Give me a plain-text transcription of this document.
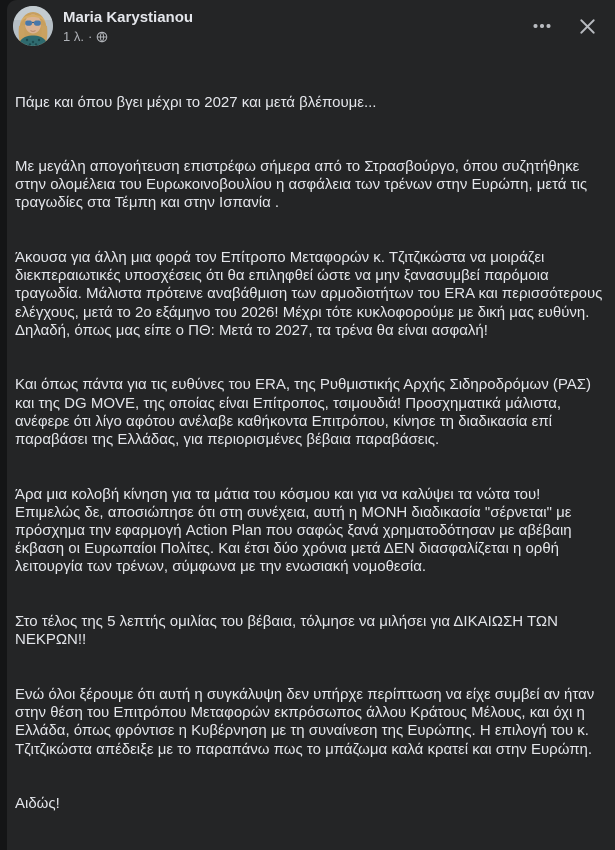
Maria Karystianou
1 λ. ·

Πάμε και όπου βγει μέχρι το 2027 και μετά βλέπουμε...

Με μεγάλη απογοήτευση επιστρέφω σήμερα από το Στρασβούργο, όπου συζητήθηκε στην ολομέλεια του Ευρωκοινοβουλίου η ασφάλεια των τρένων στην Ευρώπη, μετά τις τραγωδίες στα Τέμπη και στην Ισπανία .

Άκουσα για άλλη μια φορά τον Επίτροπο Μεταφορών κ. Τζιτζικώστα να μοιράζει διεκπεραιωτικές υποσχέσεις ότι θα επιληφθεί ώστε να μην ξανασυμβεί παρόμοια τραγωδία. Μάλιστα πρότεινε αναβάθμιση των αρμοδιοτήτων του ERA και περισσότερους ελέγχους, μετά το 2ο εξάμηνο του 2026! Μέχρι τότε κυκλοφορούμε με δική μας ευθύνη. Δηλαδή, όπως μας είπε ο ΠΘ: Μετά το 2027, τα τρένα θα είναι ασφαλή!

Και όπως πάντα για τις ευθύνες του ERA, της Ρυθμιστικής Αρχής Σιδηροδρόμων (ΡΑΣ) και της DG MOVE, της οποίας είναι Επίτροπος, τσιμουδιά! Προσχηματικά μάλιστα, ανέφερε ότι λίγο αφότου ανέλαβε καθήκοντα Επιτρόπου, κίνησε τη διαδικασία επί παραβάσει της Ελλάδας, για περιορισμένες βέβαια παραβάσεις.

Άρα μια κολοβή κίνηση για τα μάτια του κόσμου και για να καλύψει τα νώτα του!   Επιμελώς δε, αποσιώπησε ότι στη συνέχεια, αυτή η ΜΟΝΗ διαδικασία "σέρνεται" με πρόσχημα την εφαρμογή Action Plan που σαφώς ξανά χρηματοδότησαν με αβέβαιη έκβαση οι Ευρωπαίοι Πολίτες. Και έτσι δύο χρόνια μετά ΔΕΝ διασφαλίζεται η ορθή λειτουργία των τρένων, σύμφωνα με την ενωσιακή νομοθεσία.

Στο τέλος της 5 λεπτής ομιλίας του βέβαια, τόλμησε να μιλήσει για ΔΙΚΑΙΩΣΗ ΤΩΝ ΝΕΚΡΩΝ!!

Ενώ όλοι ξέρουμε ότι αυτή η συγκάλυψη δεν υπήρχε περίπτωση να είχε συμβεί αν ήταν στην θέση του Επιτρόπου Μεταφορών εκπρόσωπος άλλου Κράτους Μέλους, και όχι η Ελλάδα, όπως φρόντισε η Κυβέρνηση με τη συναίνεση της Ευρώπης. Η επιλογή του κ. Τζιτζικώστα απέδειξε με το παραπάνω πως το μπάζωμα καλά κρατεί και στην Ευρώπη.

Αιδώς!
